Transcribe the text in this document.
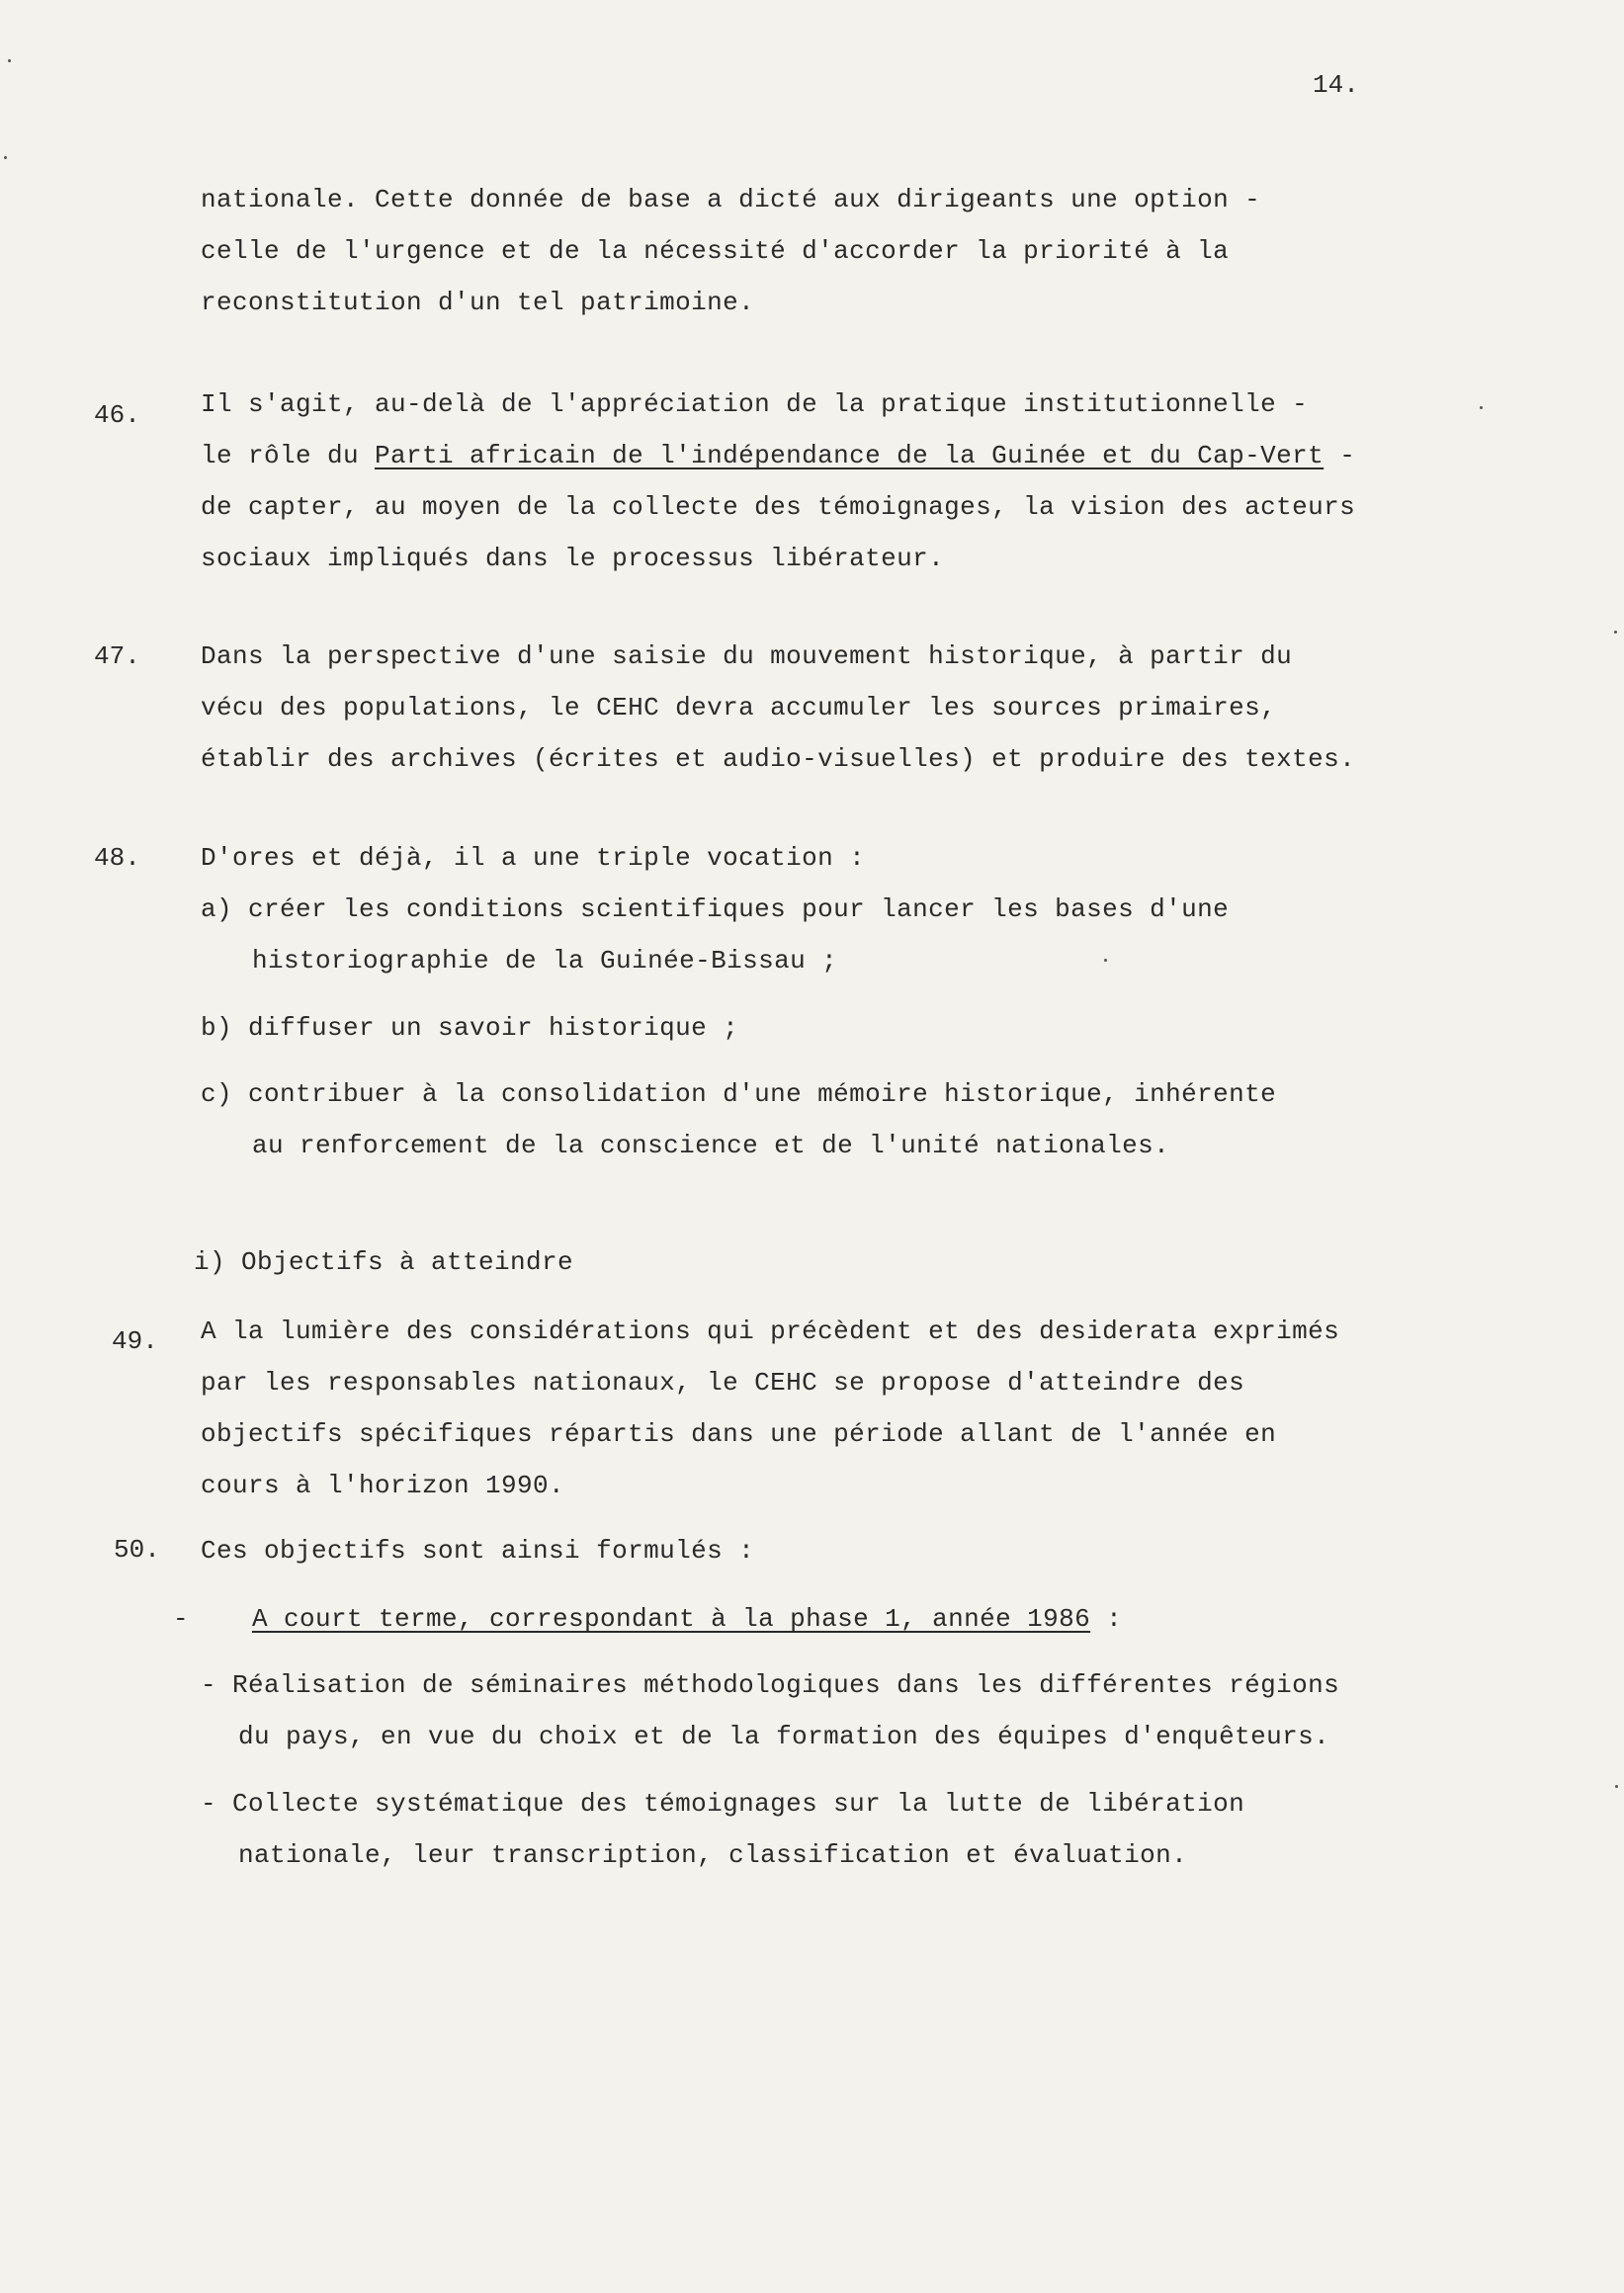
14.
nationale. Cette donnée de base a dicté aux dirigeants une option -
celle de l'urgence et de la nécessité d'accorder la priorité à la
reconstitution d'un tel patrimoine.
46. Il s'agit, au-delà de l'appréciation de la pratique institutionnelle -
le rôle du Parti africain de l'indépendance de la Guinée et du Cap-Vert -
de capter, au moyen de la collecte des témoignages, la vision des acteurs
sociaux impliqués dans le processus libérateur.
47. Dans la perspective d'une saisie du mouvement historique, à partir du
vécu des populations, le CEHC devra accumuler les sources primaires,
établir des archives (écrites et audio-visuelles) et produire des textes.
48. D'ores et déjà, il a une triple vocation :
a) créer les conditions scientifiques pour lancer les bases d'une
historiographie de la Guinée-Bissau ;
b) diffuser un savoir historique ;
c) contribuer à la consolidation d'une mémoire historique, inhérente
au renforcement de la conscience et de l'unité nationales.
i) Objectifs à atteindre
49. A la lumière des considérations qui précèdent et des desiderata exprimés
par les responsables nationaux, le CEHC se propose d'atteindre des
objectifs spécifiques répartis dans une période allant de l'année en
cours à l'horizon 1990.
50. Ces objectifs sont ainsi formulés :
- A court terme, correspondant à la phase 1, année 1986 :
- Réalisation de séminaires méthodologiques dans les différentes régions
du pays, en vue du choix et de la formation des équipes d'enquêteurs.
- Collecte systématique des témoignages sur la lutte de libération
nationale, leur transcription, classification et évaluation.
